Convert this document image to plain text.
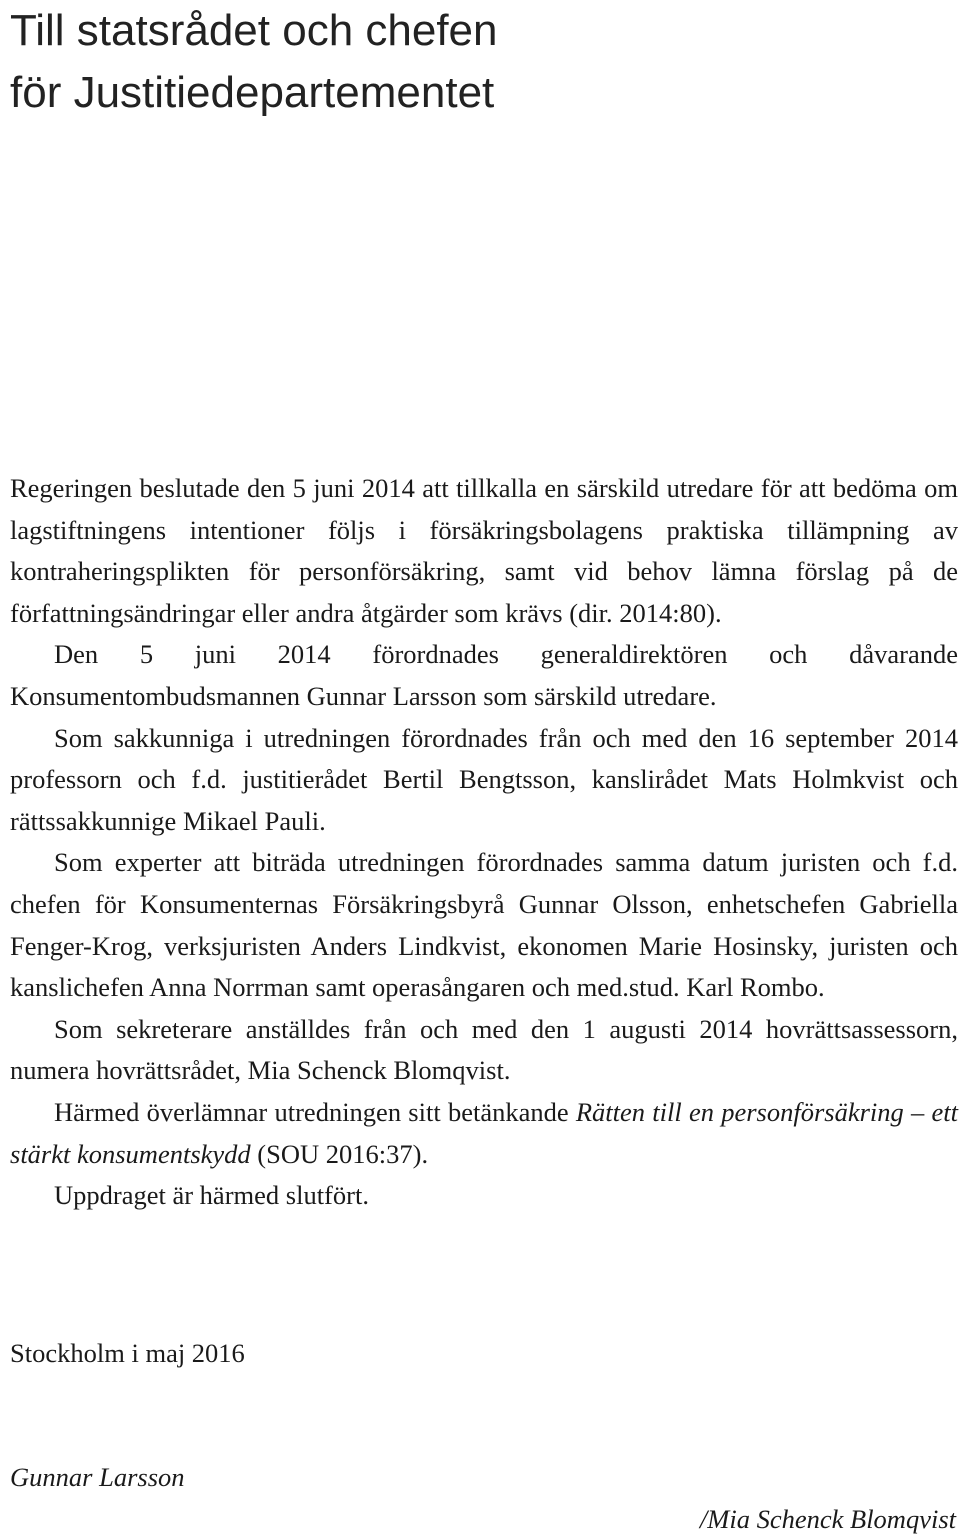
Till statsrådet och chefen
för Justitiedepartementet

Regeringen beslutade den 5 juni 2014 att tillkalla en särskild utredare för att bedöma om lagstiftningens intentioner följs i försäkringsbolagens praktiska tillämpning av kontraheringsplikten för personförsäkring, samt vid behov lämna förslag på de författningsändringar eller andra åtgärder som krävs (dir. 2014:80).

Den 5 juni 2014 förordnades generaldirektören och dåvarande Konsumentombudsmannen Gunnar Larsson som särskild utredare.

Som sakkunniga i utredningen förordnades från och med den 16 september 2014 professorn och f.d. justitierådet Bertil Bengtsson, kanslirådet Mats Holmkvist och rättssakkunnige Mikael Pauli.

Som experter att biträda utredningen förordnades samma datum juristen och f.d. chefen för Konsumenternas Försäkringsbyrå Gunnar Olsson, enhetschefen Gabriella Fenger-Krog, verksjuristen Anders Lindkvist, ekonomen Marie Hosinsky, juristen och kanslichefen Anna Norrman samt operasångaren och med.stud. Karl Rombo.

Som sekreterare anställdes från och med den 1 augusti 2014 hovrättsassessorn, numera hovrättsrådet, Mia Schenck Blomqvist.

Härmed överlämnar utredningen sitt betänkande Rätten till en personförsäkring – ett stärkt konsumentskydd (SOU 2016:37).

Uppdraget är härmed slutfört.

Stockholm i maj 2016

Gunnar Larsson

/Mia Schenck Blomqvist
